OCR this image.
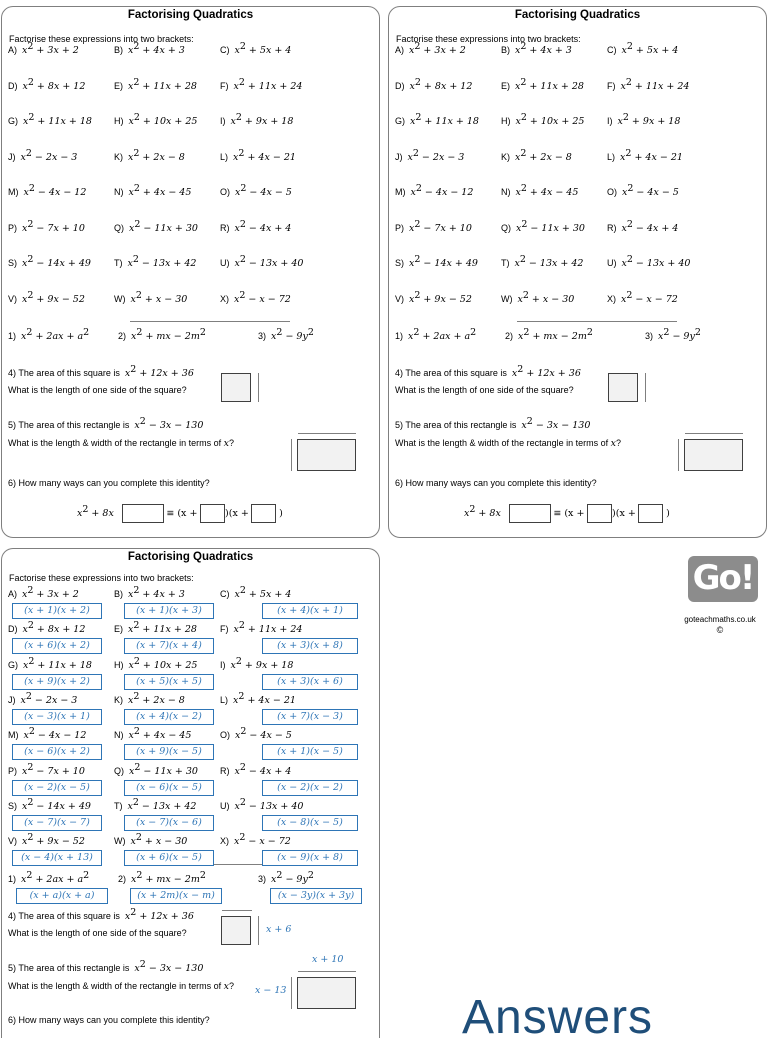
Factorising Quadratics
Factorise these expressions into two brackets:
4) The area of this square is $x^2 + 12x + 36$
What is the length of one side of the square?
5) The area of this rectangle is $x^2 - 3x - 130$
What is the length & width of the rectangle in terms of x?
6) How many ways can you complete this identity?
$x^2 + 8x$

	≡ (x +
	)(x +

	)
A) $x^2 + 3x + 2$	B) $x^2 + 4x + 3$	C) $x^2 + 5x + 4$
D) $x^2 + 8x + 12$	E) $x^2 + 11x + 28$	F) $x^2 + 11x + 24$
G) $x^2 + 11x + 18$ H) $x^2 + 10x + 25$	I) $x^2 + 9x + 18$
J) $x^2 - 2x - 3$	K) $x^2 + 2x - 8$	L) $x^2 + 4x - 21$
M) $x^2 - 4x - 12$	N) $x^2 + 4x - 45$	O) $x^2 - 4x - 5$
P) $x^2 - 7x + 10$	Q) $x^2 - 11x + 30$ R) $x^2 - 4x + 4$
S) $x^2 - 14x + 49$	T) $x^2 - 13x + 42$	U) $x^2 - 13x + 40$
V) $x^2 + 9x - 52$	W) $x^2 + x - 30$	X) $x^2 - x - 72$
1) $x^2 + 2ax + a^2$	2) $x^2$ + mx − $2m^2$	3) $x^2 - 9y^2$
Factorising Quadratics
Factorise these expressions into two brackets:
4) The area of this square is $x^2 + 12x + 36$
What is the length of one side of the square?
5) The area of this rectangle is $x^2 - 3x - 130$
What is the length & width of the rectangle in terms of x?
6) How many ways can you complete this identity?
$x^2 + 8x$

	≡ (x +
	)(x +

	)
A) $x^2 + 3x + 2$	B) $x^2 + 4x + 3$	C) $x^2 + 5x + 4$
D) $x^2 + 8x + 12$	E) $x^2 + 11x + 28$	F) $x^2 + 11x + 24$
G) $x^2 + 11x + 18$ H) $x^2 + 10x + 25$	I) $x^2 + 9x + 18$
J) $x^2 - 2x - 3$	K) $x^2 + 2x - 8$	L) $x^2 + 4x - 21$
M) $x^2 - 4x - 12$	N) $x^2 + 4x - 45$	O) $x^2 - 4x - 5$
P) $x^2 - 7x + 10$	Q) $x^2 - 11x + 30$ R) $x^2 - 4x + 4$
S) $x^2 - 14x + 49$	T) $x^2 - 13x + 42$	U) $x^2 - 13x + 40$
V) $x^2 + 9x - 52$	W) $x^2 + x - 30$	X) $x^2 - x - 72$
1) $x^2 + 2ax + a^2$	2) $x^2$ + mx − $2m^2$	3) $x^2 - 9y^2$
Factorising Quadratics
Factorise these expressions into two brackets:
4) The area of this square is $x^2 + 12x + 36$
What is the length of one side of the square?	x + 6
5) The area of this rectangle is $x^2 - 3x - 130$
What is the length & width of the rectangle in terms of x?
x + 10
x − 13
6) How many ways can you complete this identity?
A) $x^2 + 3x + 2$
(x + 1)(x + 2)
B) $x^2 + 4x + 3$
(x + 1)(x + 3)
C) $x^2 + 5x + 4$
(x + 4)(x + 1)
D) $x^2 + 8x + 12$
(x + 6)(x + 2)
E) $x^2 + 11x + 28$
(x + 7)(x + 4)
F) $x^2 + 11x + 24$
(x + 3)(x + 8)
G) $x^2 + 11x + 18$
(x + 9)(x + 2)
H) $x^2 + 10x + 25$
(x + 5)(x + 5)
I) $x^2 + 9x + 18$
(x + 3)(x + 6)
J) $x^2 - 2x - 3$
(x − 3)(x + 1)
K) $x^2 + 2x - 8$
(x + 4)(x − 2)
L) $x^2 + 4x - 21$
(x + 7)(x − 3)
M) $x^2 - 4x - 12$
(x − 6)(x + 2)
N) $x^2 + 4x - 45$
(x + 9)(x − 5)
O) $x^2 - 4x - 5$
(x + 1)(x − 5)
P) $x^2 - 7x + 10$
(x − 2)(x − 5)
Q) $x^2 - 11x + 30$
(x − 6)(x − 5)
R) $x^2 - 4x + 4$
(x − 2)(x − 2)
S) $x^2 - 14x + 49$
(x − 7)(x − 7)
T) $x^2 - 13x + 42$
(x − 7)(x − 6)
U) $x^2 - 13x + 40$
(x − 8)(x − 5)
V) $x^2 + 9x - 52$
(x − 4)(x + 13)
W) $x^2 + x - 30$
(x + 6)(x − 5)
X) $x^2 - x - 72$
(x − 9)(x + 8)
1) $x^2 + 2ax + a^2$
(x + a)(x + a)
2) $x^2$ + mx − $2m^2$
(x + 2m)(x − m)
3) $x^2 - 9y^2$
(x − 3y)(x + 3y)
Go!
goteachmaths.co.uk
©
Answers
